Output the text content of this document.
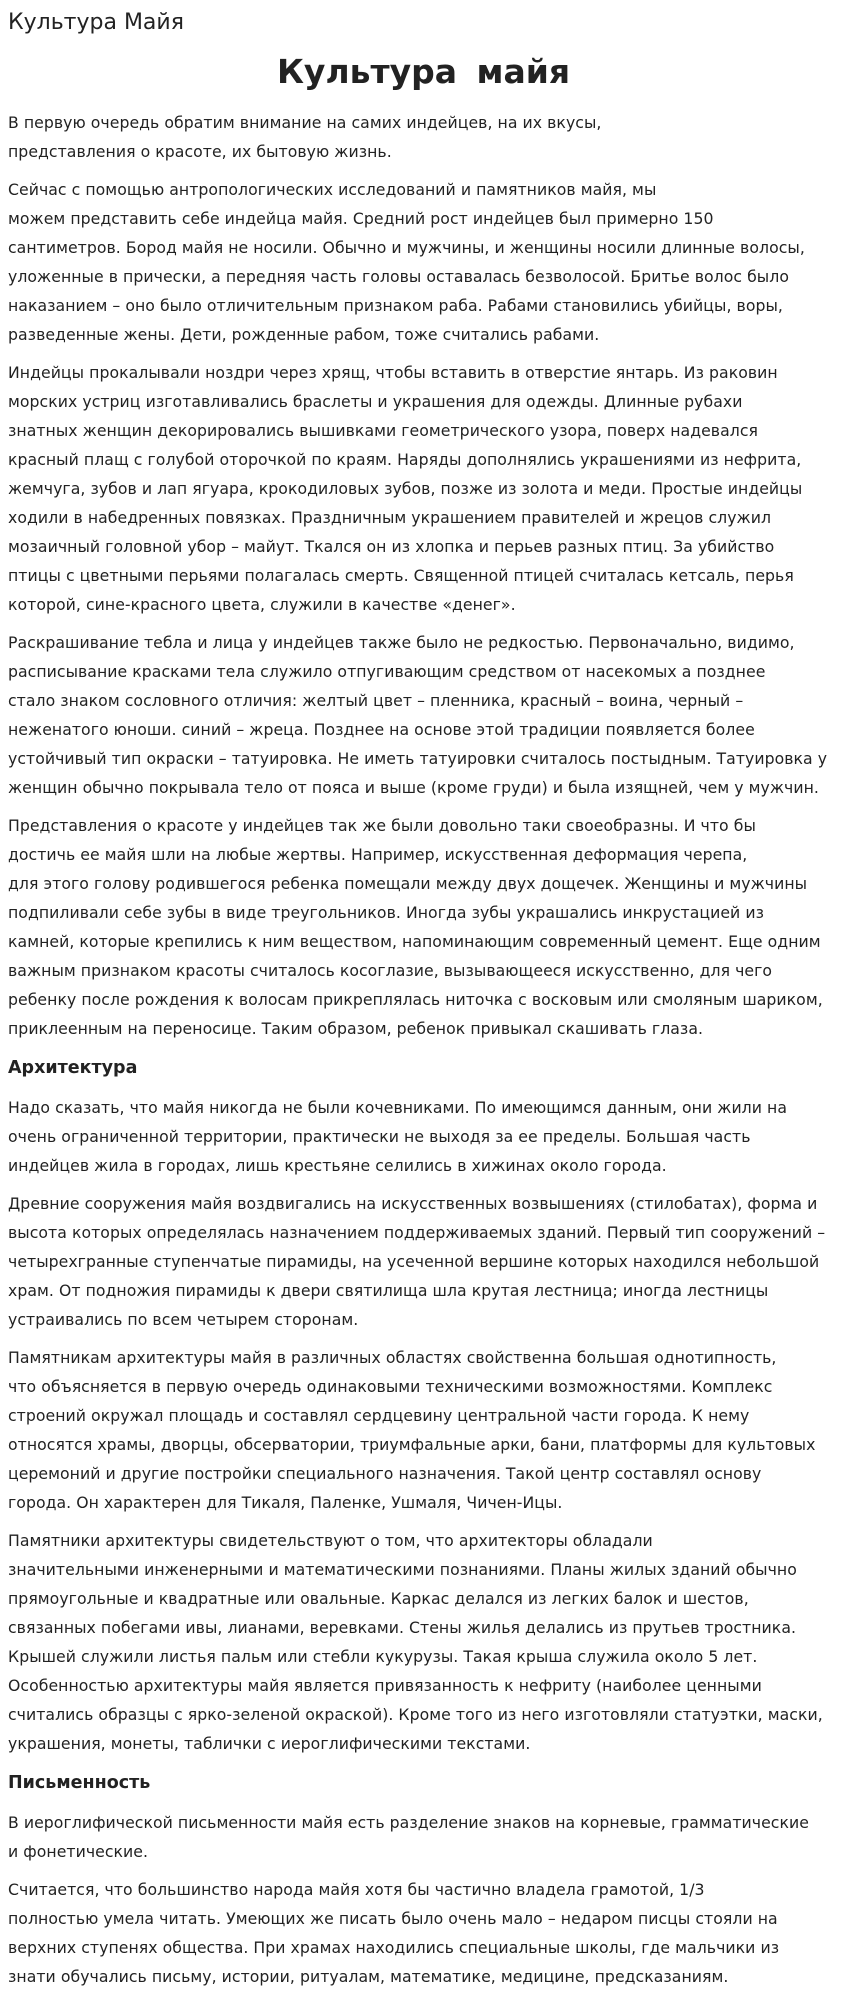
Культура Майя
Культура майя

В первую очередь обратим внимание на самих индейцев, на их вкусы,
представления о красоте, их бытовую жизнь.

Сейчас с помощью антропологических исследований и памятников майя, мы
можем представить себе индейца майя. Средний рост индейцев был примерно 150
сантиметров. Бород майя не носили. Обычно и мужчины, и женщины носили длинные волосы,
уложенные в прически, а передняя часть головы оставалась безволосой. Бритье волос было
наказанием – оно было отличительным признаком раба. Рабами становились убийцы, воры,
разведенные жены. Дети, рожденные рабом, тоже считались рабами.

Индейцы прокалывали ноздри через хрящ, чтобы вставить в отверстие янтарь. Из раковин
морских устриц изготавливались браслеты и украшения для одежды. Длинные рубахи
знатных женщин декорировались вышивками геометрического узора, поверх надевался
красный плащ с голубой оторочкой по краям. Наряды дополнялись украшениями из нефрита,
жемчуга, зубов и лап ягуара, крокодиловых зубов, позже из золота и меди. Простые индейцы
ходили в набедренных повязках. Праздничным украшением правителей и жрецов служил
мозаичный головной убор – майут. Ткался он из хлопка и перьев разных птиц. За убийство
птицы с цветными перьями полагалась смерть. Священной птицей считалась кетсаль, перья
которой, сине-красного цвета, служили в качестве «денег».

Раскрашивание тебла и лица у индейцев также было не редкостью. Первоначально, видимо,
расписывание красками тела служило отпугивающим средством от насекомых а позднее
стало знаком сословного отличия: желтый цвет – пленника, красный – воина, черный –
неженатого юноши. синий – жреца. Позднее на основе этой традиции появляется более
устойчивый тип окраски – татуировка. Не иметь татуировки считалось постыдным. Татуировка у
женщин обычно покрывала тело от пояса и выше (кроме груди) и была изящней, чем у мужчин.

Представления о красоте у индейцев так же были довольно таки своеобразны. И что бы
достичь ее майя шли на любые жертвы. Например, искусственная деформация черепа,
для этого голову родившегося ребенка помещали между двух дощечек. Женщины и мужчины
подпиливали себе зубы в виде треугольников. Иногда зубы украшались инкрустацией из
камней, которые крепились к ним веществом, напоминающим современный цемент. Еще одним
важным признаком красоты считалось косоглазие, вызывающееся искусственно, для чего
ребенку после рождения к волосам прикреплялась ниточка с восковым или смоляным шариком,
приклеенным на переносице. Таким образом, ребенок привыкал скашивать глаза.

Архитектура

Надо сказать, что майя никогда не были кочевниками. По имеющимся данным, они жили на
очень ограниченной территории, практически не выходя за ее пределы. Большая часть
индейцев жила в городах, лишь крестьяне селились в хижинах около города.

Древние сооружения майя воздвигались на искусственных возвышениях (стилобатах), форма и
высота которых определялась назначением поддерживаемых зданий. Первый тип сооружений –
четырехгранные ступенчатые пирамиды, на усеченной вершине которых находился небольшой
храм. От подножия пирамиды к двери святилища шла крутая лестница; иногда лестницы
устраивались по всем четырем сторонам.

Памятникам архитектуры майя в различных областях свойственна большая однотипность,
что объясняется в первую очередь одинаковыми техническими возможностями. Комплекс
строений окружал площадь и составлял сердцевину центральной части города. К нему
относятся храмы, дворцы, обсерватории, триумфальные арки, бани, платформы для культовых
церемоний и другие постройки специального назначения. Такой центр составлял основу
города. Он характерен для Тикаля, Паленке, Ушмаля, Чичен-Ицы.

Памятники архитектуры свидетельствуют о том, что архитекторы обладали
значительными инженерными и математическими познаниями. Планы жилых зданий обычно
прямоугольные и квадратные или овальные. Каркас делался из легких балок и шестов,
связанных побегами ивы, лианами, веревками. Стены жилья делались из прутьев тростника.
Крышей служили листья пальм или стебли кукурузы. Такая крыша служила около 5 лет.
Особенностью архитектуры майя является привязанность к нефриту (наиболее ценными
считались образцы с ярко-зеленой окраской). Кроме того из него изготовляли статуэтки, маски,
украшения, монеты, таблички с иероглифическими текстами.

Письменность

В иероглифической письменности майя есть разделение знаков на корневые, грамматические
и фонетические.

Считается, что большинство народа майя хотя бы частично владела грамотой, 1/3
полностью умела читать. Умеющих же писать было очень мало – недаром писцы стояли на
верхних ступенях общества. При храмах находились специальные школы, где мальчики из
знати обучались письму, истории, ритуалам, математике, медицине, предсказаниям.
